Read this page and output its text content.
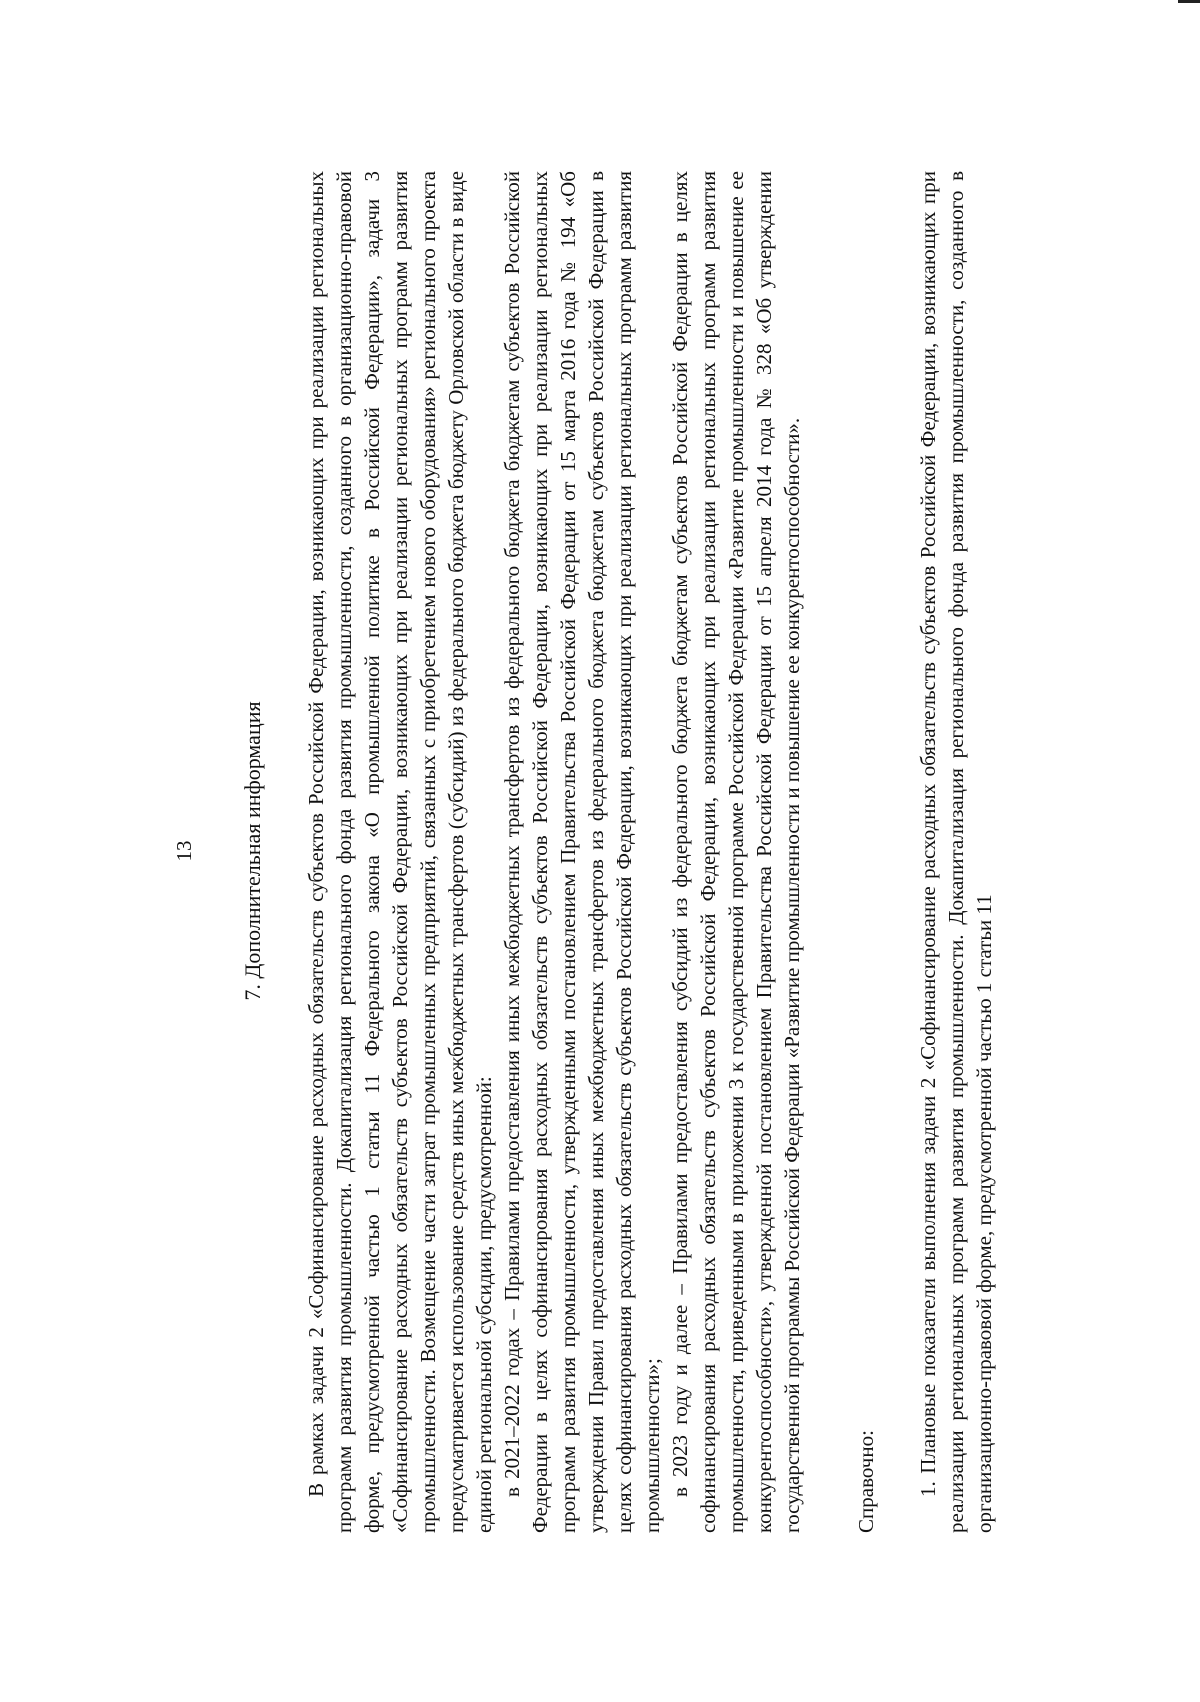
13 7. Дополнительная информация В рамках задачи 2 «Софинансирование расходных обязательств субъектов Российской Федерации, возникающих при реализации региональных программ развития промышленности. Докапитализация регионального фонда развития промышленности, созданного в организационно-правовой форме, предусмотренной частью 1 статьи 11 Федерального закона «О промышленной политике в Российской Федерации», задачи 3 «Софинансирование расходных обязательств субъектов Российской Федерации, возникающих при реализации региональных программ развития промышленности. Возмещение части затрат промышленных предприятий, связанных с приобретением нового оборудования» регионального проекта предусматривается использование средств иных межбюджетных трансфертов (субсидий) из федерального бюджета бюджету Орловской области в виде единой региональной субсидии, предусмотренной: в 2021–2022 годах – Правилами предоставления иных межбюджетных трансфертов из федерального бюджета бюджетам субъектов Российской Федерации в целях софинансирования расходных обязательств субъектов Российской Федерации, возникающих при реализации региональных программ развития промышленности, утвержденными постановлением Правительства Российской Федерации от 15 марта 2016 года № 194 «Об утверждении Правил предоставления иных межбюджетных трансфертов из федерального бюджета бюджетам субъектов Российской Федерации в целях софинансирования расходных обязательств субъектов Российской Федерации, возникающих при реализации региональных программ развития промышленности»; в 2023 году и далее – Правилами предоставления субсидий из федерального бюджета бюджетам субъектов Российской Федерации в целях софинансирования расходных обязательств субъектов Российской Федерации, возникающих при реализации региональных программ развития промышленности, приведенными в приложении 3 к государственной программе Российской Федерации «Развитие промышленности и повышение ее конкурентоспособности», утвержденной постановлением Правительства Российской Федерации от 15 апреля 2014 года № 328 «Об утверждении государственной программы Российской Федерации «Развитие промышленности и повышение ее конкурентоспособности». Справочно: 1. Плановые показатели выполнения задачи 2 «Софинансирование расходных обязательств субъектов Российской Федерации, возникающих при реализации региональных программ развития промышленности. Докапитализация регионального фонда развития промышленности, созданного в организационно-правовой форме, предусмотренной частью 1 статьи 11
